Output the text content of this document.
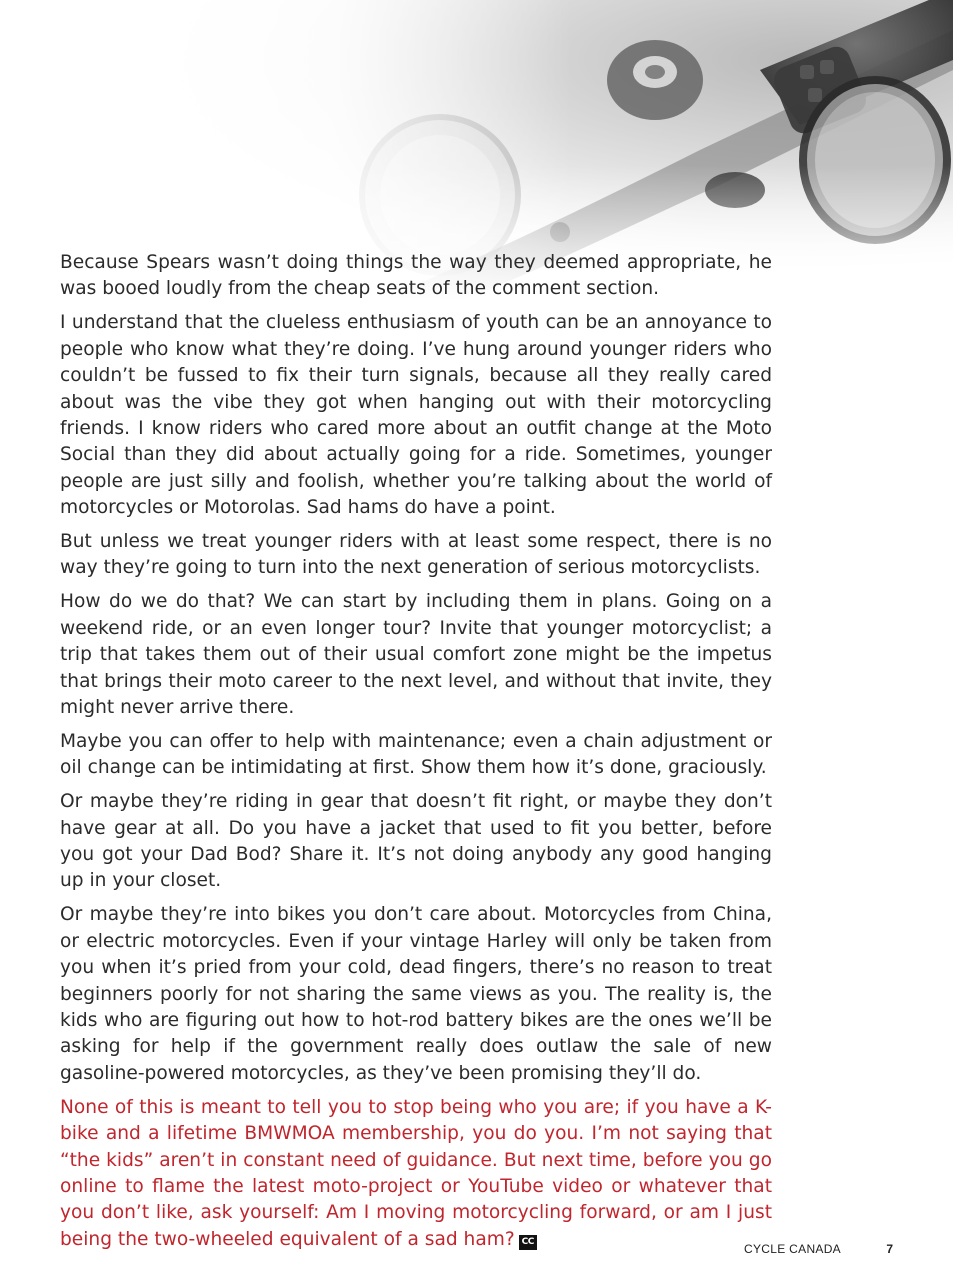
Because Spears wasn’t doing things the way they deemed appropriate, he was booed loudly from the cheap seats of the comment section.

I understand that the clueless enthusiasm of youth can be an annoyance to people who know what they’re doing. I’ve hung around younger riders who couldn’t be fussed to fix their turn signals, because all they really cared about was the vibe they got when hanging out with their motorcycling friends. I know riders who cared more about an outfit change at the Moto Social than they did about actually going for a ride. Sometimes, younger people are just silly and foolish, whether you’re talking about the world of motorcycles or Motorolas. Sad hams do have a point.

But unless we treat younger riders with at least some respect, there is no way they’re going to turn into the next generation of serious motorcyclists.

How do we do that? We can start by including them in plans. Going on a weekend ride, or an even longer tour? Invite that younger motorcyclist; a trip that takes them out of their usual comfort zone might be the impetus that brings their moto career to the next level, and without that invite, they might never arrive there.

Maybe you can offer to help with maintenance; even a chain adjustment or oil change can be intimidating at first. Show them how it’s done, graciously.

Or maybe they’re riding in gear that doesn’t fit right, or maybe they don’t have gear at all. Do you have a jacket that used to fit you better, before you got your Dad Bod? Share it. It’s not doing anybody any good hanging up in your closet.

Or maybe they’re into bikes you don’t care about. Motorcycles from China, or electric motorcycles. Even if your vintage Harley will only be taken from you when it’s pried from your cold, dead fingers, there’s no reason to treat beginners poorly for not sharing the same views as you. The reality is, the kids who are figuring out how to hot-rod battery bikes are the ones we’ll be asking for help if the government really does outlaw the sale of new gasoline-powered motorcycles, as they’ve been promising they’ll do.

None of this is meant to tell you to stop being who you are; if you have a K-bike and a lifetime BMWMOA membership, you do you. I’m not saying that “the kids” aren’t in constant need of guidance. But next time, before you go online to flame the latest moto-project or YouTube video or whatever that you don’t like, ask yourself: Am I moving motorcycling forward, or am I just being the two-wheeled equivalent of a sad ham? CC

CYCLE CANADA	7
